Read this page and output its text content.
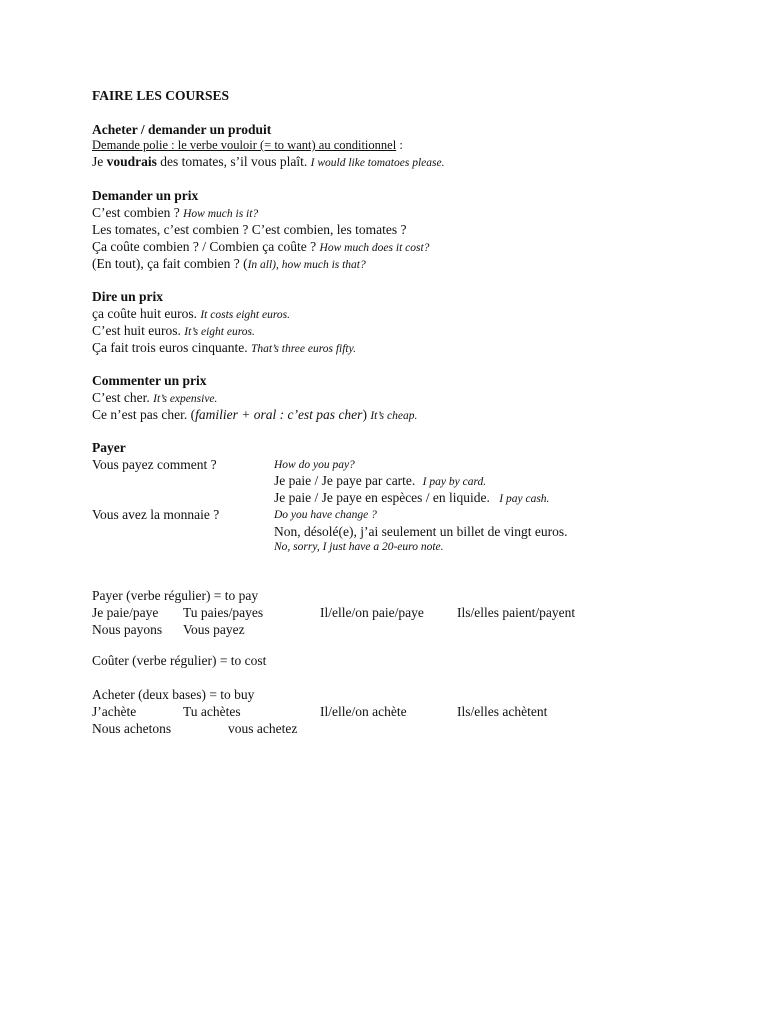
FAIRE LES COURSES
Acheter / demander un produit
Demande polie : le verbe vouloir (= to want) au conditionnel :
Je voudrais des tomates, s’il vous plaît. I would like tomatoes please.
Demander un prix
C’est combien ? How much is it?
Les tomates, c’est combien ? C’est combien, les tomates ?
Ça coûte combien ? / Combien ça coûte ? How much does it cost?
(En tout), ça fait combien ? (In all), how much is that?
Dire un prix
ça coûte huit euros. It costs eight euros.
C’est huit euros. It’s eight euros.
Ça fait trois euros cinquante. That’s three euros fifty.
Commenter un prix
C’est cher. It’s expensive.
Ce n’est pas cher. (familier + oral : c’est pas cher) It’s cheap.
Payer
Vous payez comment ?	How do you pay?
Je paie / Je paye par carte. I pay by card.
Je paie / Je paye en espèces / en liquide. I pay cash.
Vous avez la monnaie ?	Do you have change ?
Non, désolé(e), j’ai seulement un billet de vingt euros.
No, sorry, I just have a 20-euro note.
Payer (verbe régulier) = to pay
Je paie/paye Tu paies/payes	Il/elle/on paie/paye Ils/elles paient/payent
Nous payons Vous payez
Coûter (verbe régulier) = to cost
Acheter (deux bases) = to buy
J’achète	Tu achètes	Il/elle/on achète	Ils/elles achètent
Nous achetons	vous achetez
